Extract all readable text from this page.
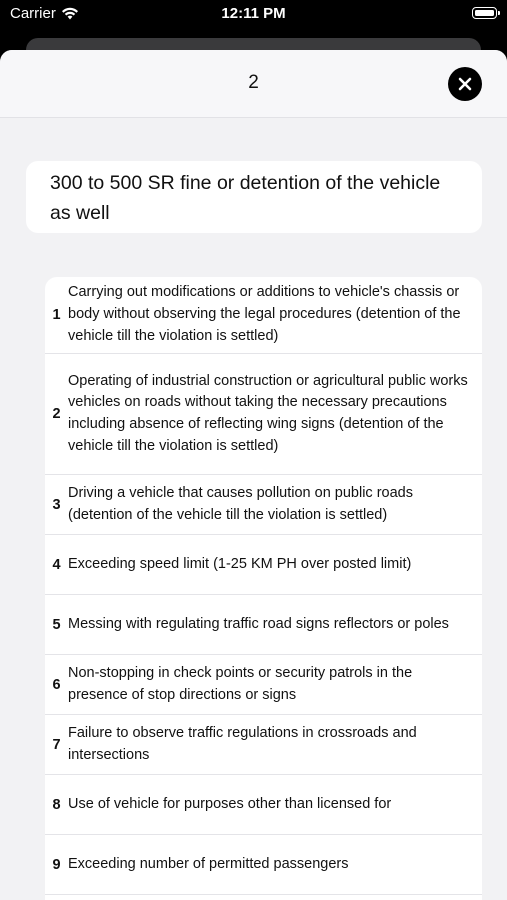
Carrier	12:11 PM
2
300 to 500 SR fine or detention of the vehicle as well
1
Carrying out modifications or additions to vehicle's chassis or body without observing the legal procedures (detention of the vehicle till the violation is settled)
2
Operating of industrial construction or agricultural public works vehicles on roads without taking the necessary precautions including absence of reflecting wing signs (detention of the vehicle till the violation is settled)
3
Driving a vehicle that causes pollution on public roads (detention of the vehicle till the violation is settled)
4 Exceeding speed limit (1-25 KM PH over posted limit)
5 Messing with regulating traffic road signs reflectors or poles
6
Non-stopping in check points or security patrols in the presence of stop directions or signs
7
Failure to observe traffic regulations in crossroads and intersections
8 Use of vehicle for purposes other than licensed for
9 Exceeding number of permitted passengers
